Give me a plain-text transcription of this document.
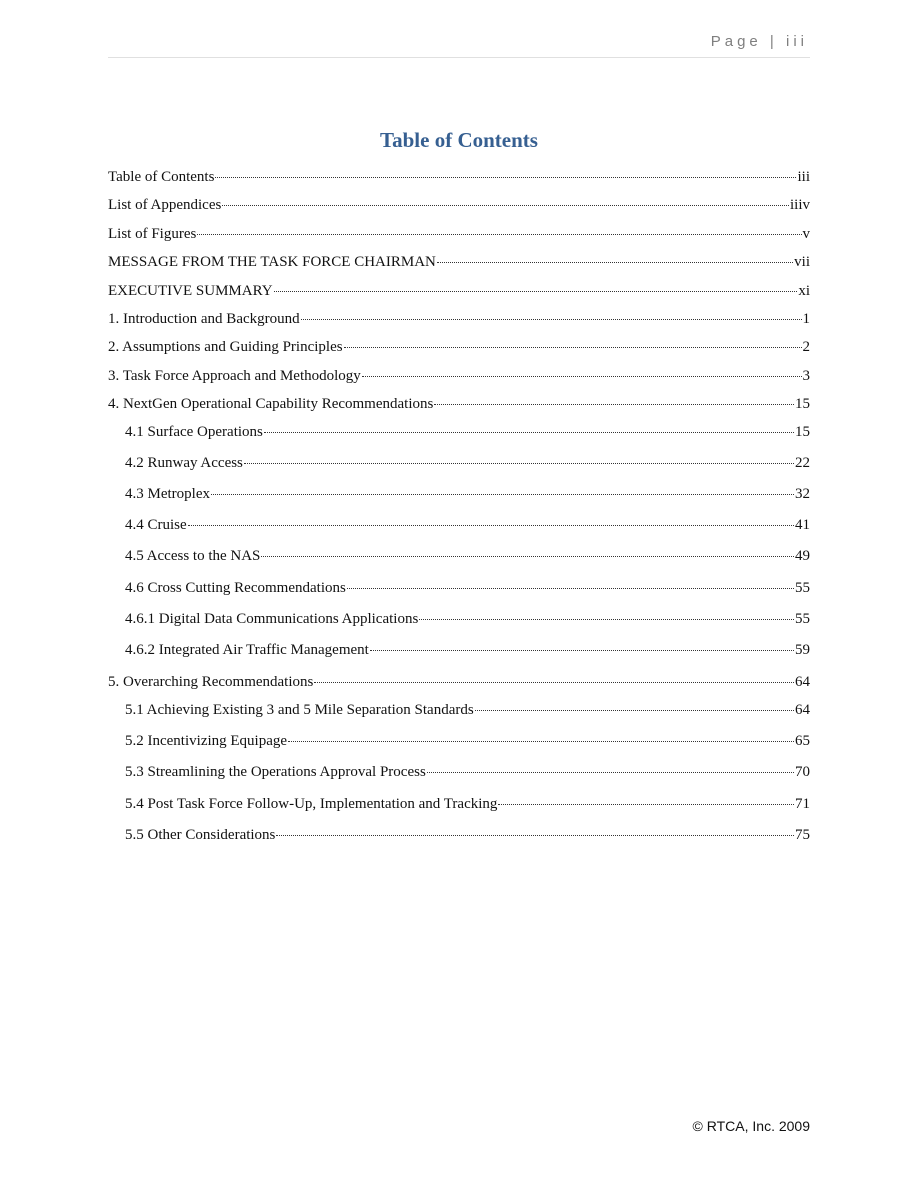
Page | iii
Table of Contents
Table of Contents	iii
List of Appendices	iiiv
List of Figures	v
MESSAGE FROM THE TASK FORCE CHAIRMAN	vii
EXECUTIVE SUMMARY	xi
1. Introduction and Background	1
2. Assumptions and Guiding Principles	2
3. Task Force Approach and Methodology	3
4. NextGen Operational Capability Recommendations	15
4.1 Surface Operations	15
4.2 Runway Access	22
4.3 Metroplex	32
4.4 Cruise	41
4.5 Access to the NAS	49
4.6 Cross Cutting Recommendations	55
4.6.1 Digital Data Communications Applications	55
4.6.2 Integrated Air Traffic Management	59
5. Overarching Recommendations	64
5.1 Achieving Existing 3 and 5 Mile Separation Standards	64
5.2 Incentivizing Equipage	65
5.3 Streamlining the Operations Approval Process	70
5.4 Post Task Force Follow-Up, Implementation and Tracking	71
5.5 Other Considerations	75
© RTCA, Inc. 2009
